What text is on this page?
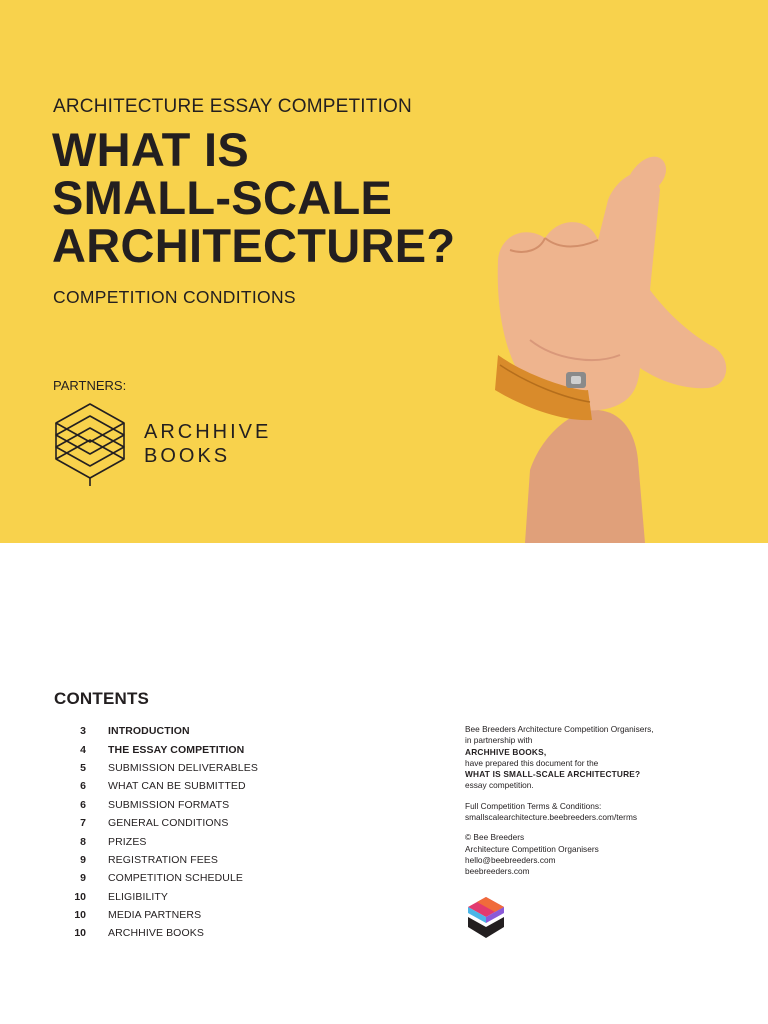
ARCHITECTURE ESSAY COMPETITION
WHAT IS
SMALL-SCALE
ARCHITECTURE?
COMPETITION CONDITIONS
PARTNERS:
ARCHHIVE
BOOKS
CONTENTS
3	INTRODUCTION
4	THE ESSAY COMPETITION
5	SUBMISSION DELIVERABLES
6	WHAT CAN BE SUBMITTED
6	SUBMISSION FORMATS
7	GENERAL CONDITIONS
8	PRIZES
9	REGISTRATION FEES
9	COMPETITION SCHEDULE
10	ELIGIBILITY
10	MEDIA PARTNERS
10	ARCHHIVE BOOKS

Bee Breeders Architecture Competition Organisers,

in partnership with

ARCHHIVE BOOKS,

have prepared this document for the

WHAT IS SMALL-SCALE ARCHITECTURE?

essay competition.

Full Competition Terms & Conditions:

smallscalearchitecture.beebreeders.com/terms

© Bee Breeders

Architecture Competition Organisers

hello@beebreeders.com

beebreeders.com
